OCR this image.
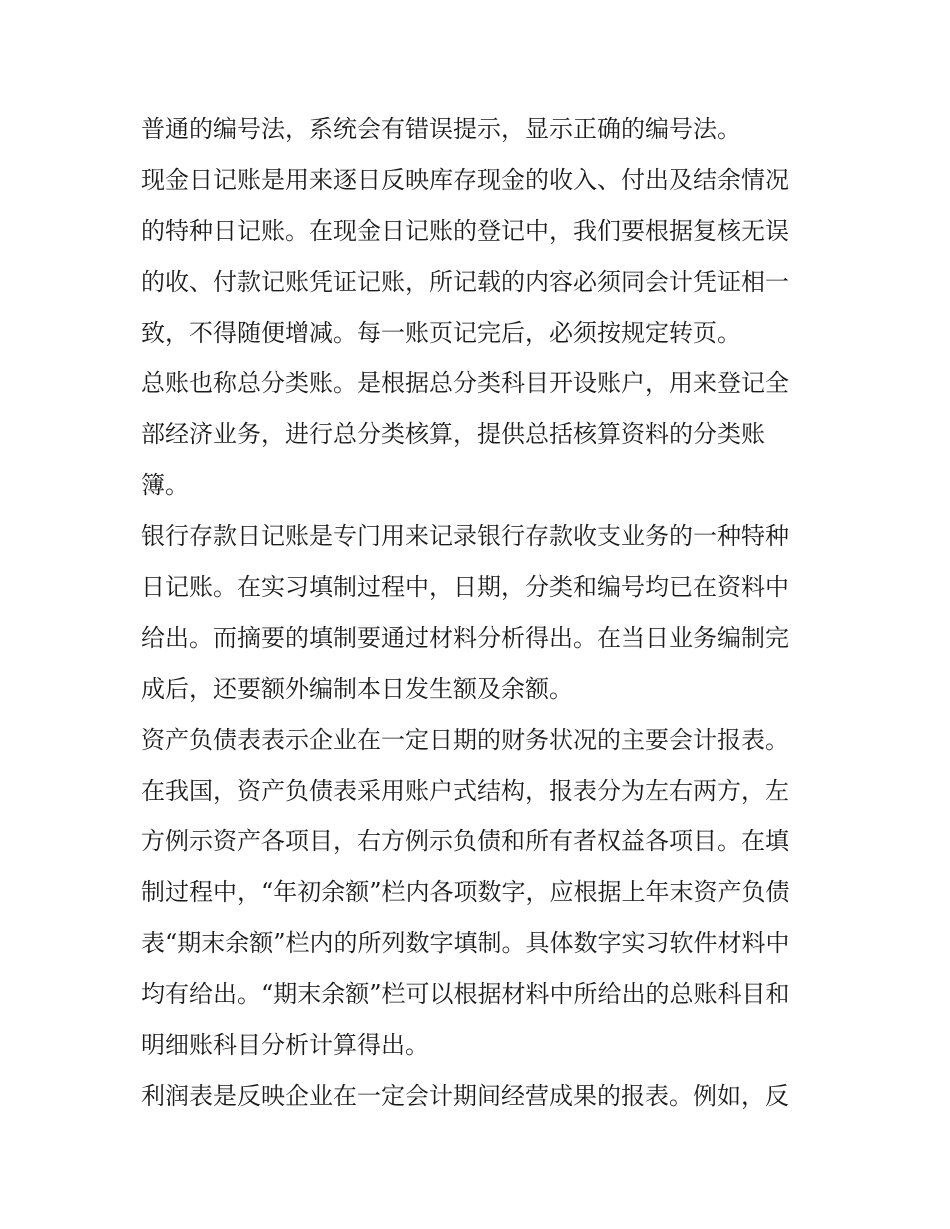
普通的编号法，系统会有错误提示，显示正确的编号法。
现金日记账是用来逐日反映库存现金的收入、付出及结余情况
的特种日记账。在现金日记账的登记中，我们要根据复核无误
的收、付款记账凭证记账，所记载的内容必须同会计凭证相一
致，不得随便增减。每一账页记完后，必须按规定转页。
总账也称总分类账。是根据总分类科目开设账户，用来登记全
部经济业务，进行总分类核算，提供总括核算资料的分类账
簿。
银行存款日记账是专门用来记录银行存款收支业务的一种特种
日记账。在实习填制过程中，日期，分类和编号均已在资料中
给出。而摘要的填制要通过材料分析得出。在当日业务编制完
成后，还要额外编制本日发生额及余额。
资产负债表表示企业在一定日期的财务状况的主要会计报表。
在我国，资产负债表采用账户式结构，报表分为左右两方，左
方例示资产各项目，右方例示负债和所有者权益各项目。在填
制过程中，“年初余额”栏内各项数字，应根据上年末资产负债
表“期末余额”栏内的所列数字填制。具体数字实习软件材料中
均有给出。“期末余额”栏可以根据材料中所给出的总账科目和
明细账科目分析计算得出。
利润表是反映企业在一定会计期间经营成果的报表。例如，反
